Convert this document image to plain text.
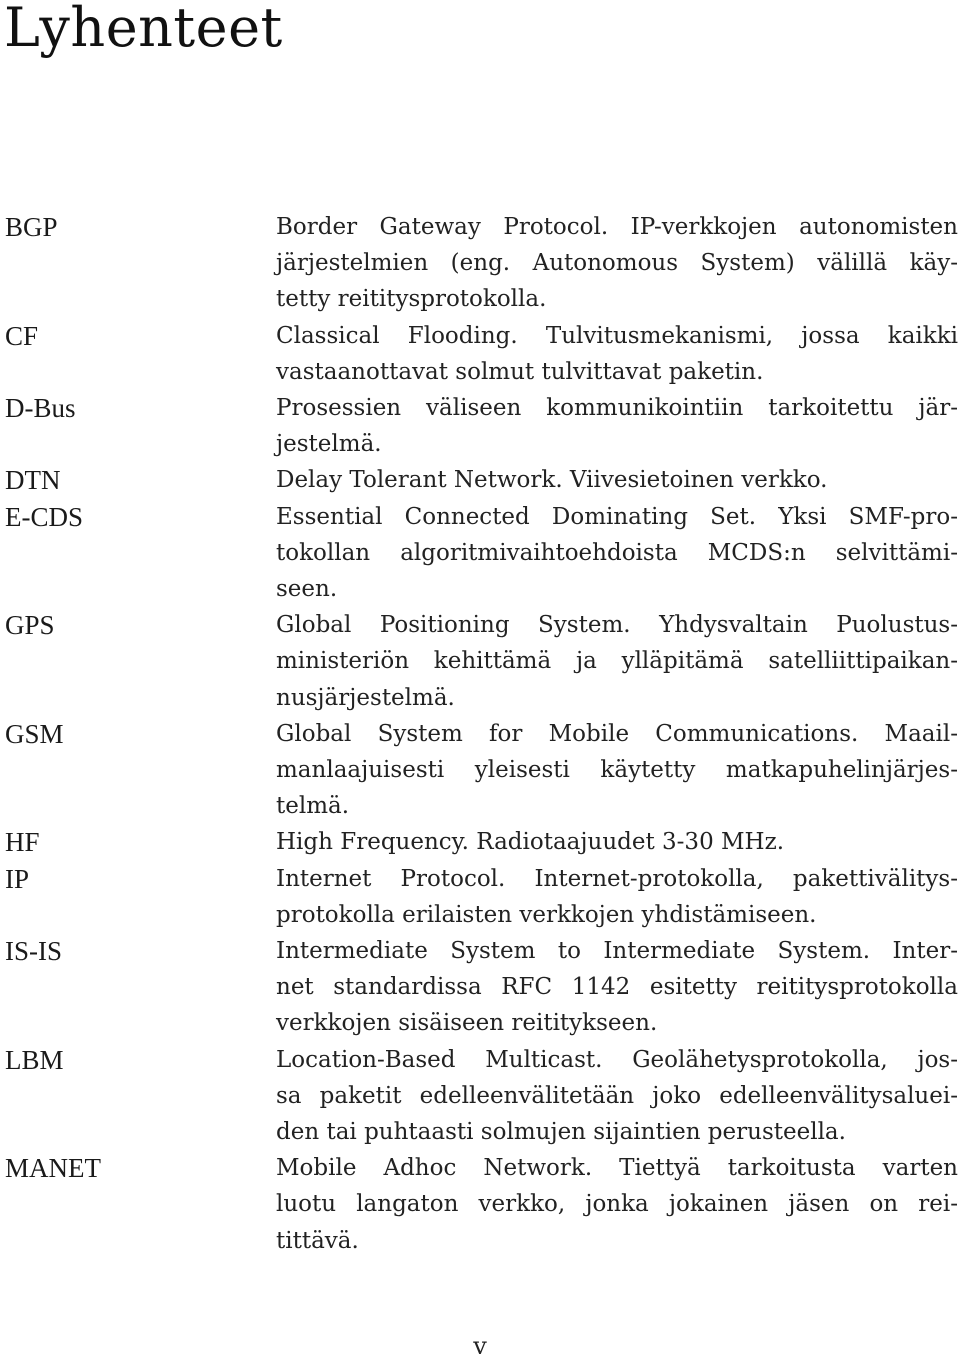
Lyhenteet
BGP	Border Gateway Protocol. IP-verkkojen autonomisten
järjestelmien (eng. Autonomous System) välillä käy-
tetty reititysprotokolla.
CF	Classical Flooding. Tulvitusmekanismi, jossa kaikki
vastaanottavat solmut tulvittavat paketin.
D-Bus	Prosessien väliseen kommunikointiin tarkoitettu jär-
jestelmä.
DTN	Delay Tolerant Network. Viivesietoinen verkko.
E-CDS	Essential Connected Dominating Set. Yksi SMF-pro-
tokollan algoritmivaihtoehdoista MCDS:n selvittämi-
seen.
GPS	Global Positioning System. Yhdysvaltain Puolustus-
ministeriön kehittämä ja ylläpitämä satelliittipaikan-
nusjärjestelmä.
GSM	Global System for Mobile Communications. Maail-
manlaajuisesti yleisesti käytetty matkapuhelinjärjes-
telmä.
HF	High Frequency. Radiotaajuudet 3-30 MHz.
IP	Internet Protocol. Internet-protokolla, pakettivälitys-
protokolla erilaisten verkkojen yhdistämiseen.
IS-IS	Intermediate System to Intermediate System. Inter-
net standardissa RFC 1142 esitetty reititysprotokolla
verkkojen sisäiseen reititykseen.
LBM	Location-Based Multicast. Geolähetysprotokolla, jos-
sa paketit edelleenvälitetään joko edelleenvälitysaluei-
den tai puhtaasti solmujen sijaintien perusteella.
MANET	Mobile Adhoc Network. Tiettyä tarkoitusta varten
luotu langaton verkko, jonka jokainen jäsen on rei-
tittävä.
v
